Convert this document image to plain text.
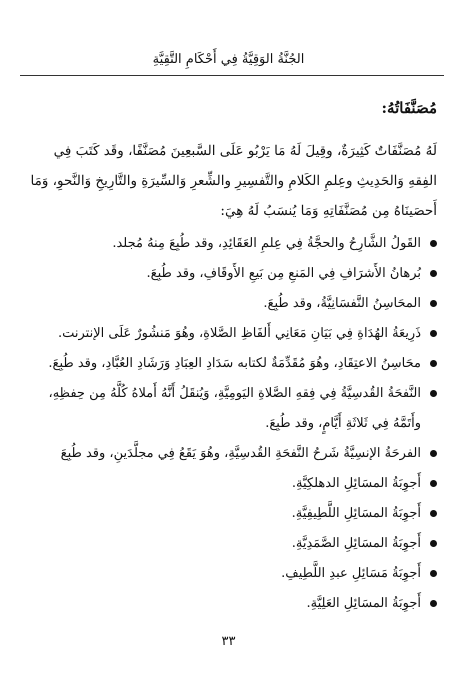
الجُنَّةُ الوَقِيَّةُ فِي أَحْكَامِ التَّقِيَّةِ
مُصَنَّفَاتُهُ:
لَهُ مُصَنَّفَاتٌ كَثِيرَةٌ، وقِيلَ لَهُ مَا يَرْبُو عَلَى السَّبعِينَ مُصَنَّفًا، وقَد كَتَبَ فِي
الفِقهِ وَالحَدِيثِ وعِلمِ الكَلامِ والتَّفسِيرِ والشِّعرِ وَالسِّيرَةِ والتَّارِيخِ وَالنَّحوِ، وَمَا
أَحصَينَاهُ مِن مُصَنَّفَاتِهِ وَمَا يُنسَبُ لَهُ هِيَ:
القَولُ الشَّارِحُ والحجَّةُ فِي عِلمِ العَقَائِدِ، وقد طُبِعَ مِنهُ مُجلد.
بُرهانُ الأَشرَافِ فِي المَنعِ مِن بَيعِ الأَوقَافِ، وقد طُبِعَ.
المحَاسِنُ النَّفسَانِيَّةُ، وقد طُبِعَ.
ذَرِيعَةُ الهُدَاةِ فِي بَيَانِ مَعَانِي أَلفَاظِ الصَّلاةِ، وهُوَ مَنشُورٌ عَلَى الإنترنت.
محَاسِنُ الاعتِقَادِ، وهُوَ مُقَدِّمَةٌ لكتابه سَدَادِ العِبَادِ وَرَشَادِ العُبَّادِ، وقد طُبِعَ.
النَّفحَةُ القُدسِيَّةُ فِي فِقهِ الصَّلاةِ اليَومِيَّةِ، وَيُنقَلُ أَنَّهُ أَملاهُ كُلَّهُ مِن حِفظِهِ،
وأَتَمَّهُ فِي ثَلاثَةِ أَيَّامٍ، وقد طُبِعَ.
الفرحَةُ الإنسِيَّةُ شَرحُ النَّفحَةِ القُدسِيَّةِ، وهُوَ يَقَعُ فِي مجلَّدَينِ، وقد طُبِعَ
أَجوِبَةُ المسَائِلِ الدهلكِيَّةِ.
أَجوِبَةُ المسَائِلِ اللَّطِيفِيَّةِ.
أَجوِبَةُ المسَائِلِ الصَّمَدِيَّةِ.
أَجوِبَةُ مَسَائِلِ عبدِ اللَّطِيفِ.
أَجوِبَةُ المسَائِلِ العَلِيَّةِ.
٣٣
